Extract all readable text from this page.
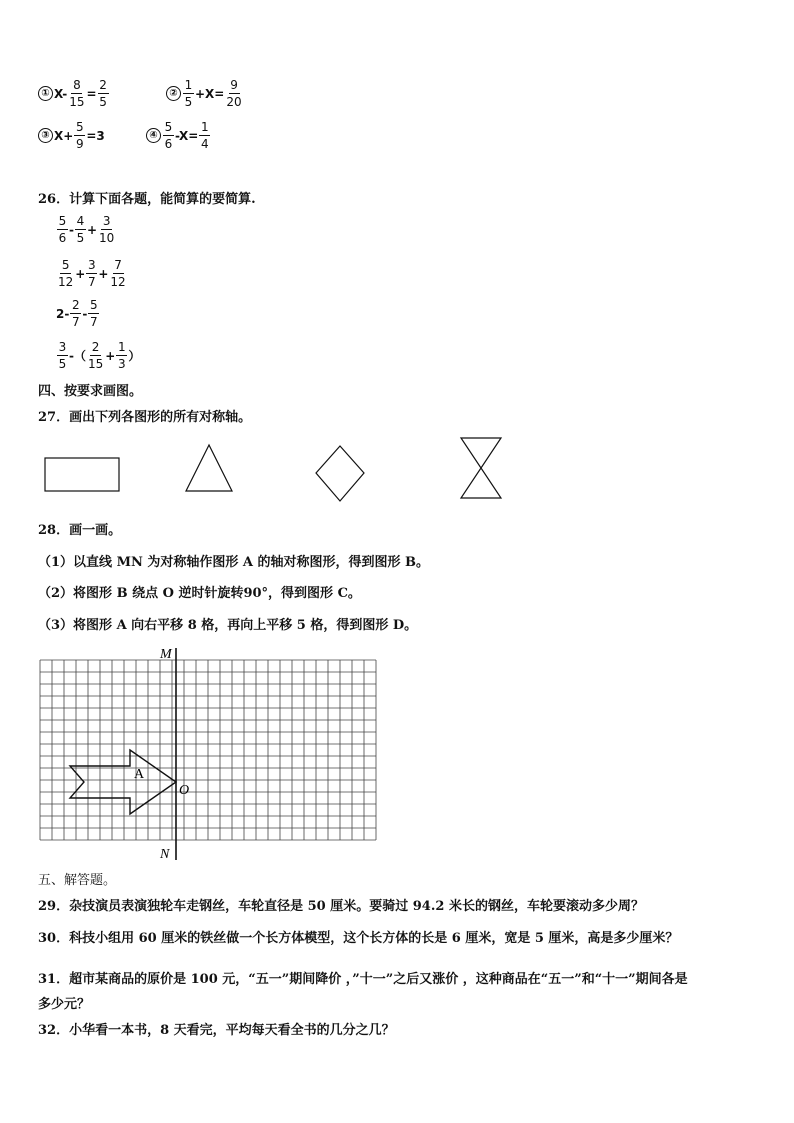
① $X- \frac{8}{15} = \frac{2}{5}$	② $\frac{1}{5} +X= \frac{9}{20}$
③ $X+ \frac{5}{9} =3$	④ $\frac{5}{6} -X= \frac{1}{4}$
26．计算下面各题，能简算的要简算.
$\frac{5}{6} - \frac{4}{5} + \frac{3}{10}$
$\frac{5}{12} + \frac{3}{7} + \frac{7}{12}$
$2- \frac{2}{7} - \frac{5}{7}$
$\frac{3}{5}$ -（ $\frac{2}{15} + \frac{1}{3}$ ）
四、按要求画图。
27．画出下列各图形的所有对称轴。
28．画一画。
（1）以直线 MN 为对称轴作图形 A 的轴对称图形，得到图形 B。
（2）将图形 B 绕点 O 逆时针旋转90°，得到图形 C。
（3）将图形 A 向右平移 8 格，再向上平移 5 格，得到图形 D。
M
N
O
A
五、解答题。
29．杂技演员表演独轮车走钢丝，车轮直径是 50 厘米。要骑过 94.2 米长的钢丝，车轮要滚动多少周？
30．科技小组用 60 厘米的铁丝做一个长方体模型，这个长方体的长是 6 厘米，宽是 5 厘米，高是多少厘米？
31．超市某商品的原价是 100 元，“五一”期间降价 ，”十一”之后又涨价 ，这种商品在“五一”和“十一”期间各是
多少元？
32．小华看一本书，8 天看完，平均每天看全书的几分之几？
